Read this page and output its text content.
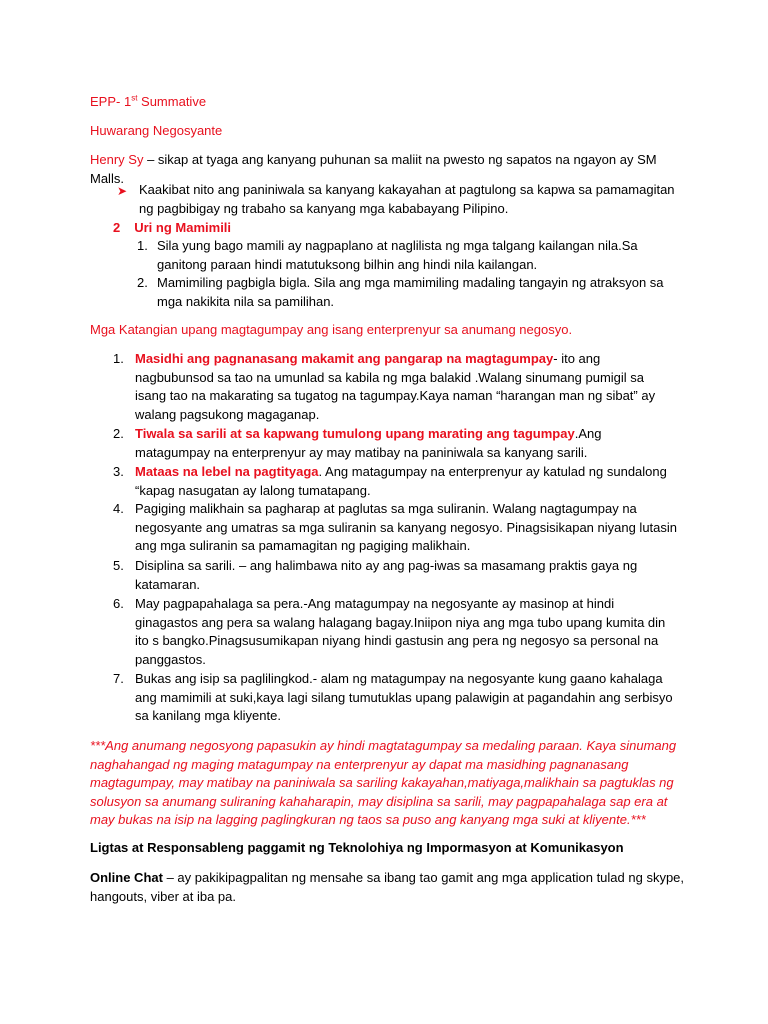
EPP- 1st Summative

Huwarang Negosyante

Henry Sy – sikap at tyaga ang kanyang puhunan sa maliit na pwesto ng sapatos na ngayon ay SM Malls.

➤ Kaakibat nito ang paniniwala sa kanyang kakayahan at pagtulong sa kapwa sa pamamagitan ng pagbibigay ng trabaho sa kanyang mga kababayang Pilipino.
2 Uri ng Mamimili
1. Sila yung bago mamili ay nagpaplano at naglilista ng mga talgang kailangan nila.Sa ganitong paraan hindi matutuksong bilhin ang hindi nila kailangan.
2. Mamimiling pagbigla bigla. Sila ang mga mamimiling madaling tangayin ng atraksyon sa mga nakikita nila sa pamilihan.

Mga Katangian upang magtagumpay ang isang enterprenyur sa anumang negosyo.

1. Masidhi ang pagnanasang makamit ang pangarap na magtagumpay- ito ang nagbubunsod sa tao na umunlad sa kabila ng mga balakid .Walang sinumang pumigil sa isang tao na makarating sa tugatog na tagumpay.Kaya naman “harangan man ng sibat” ay walang pagsukong magaganap.
2. Tiwala sa sarili at sa kapwang tumulong upang marating ang tagumpay.Ang matagumpay na enterprenyur ay may matibay na paniniwala sa kanyang sarili.
3. Mataas na lebel na pagtityaga. Ang matagumpay na enterprenyur ay katulad ng sundalong “kapag nasugatan ay lalong tumatapang.
4. Pagiging malikhain sa pagharap at paglutas sa mga suliranin. Walang nagtagumpay na negosyante ang umatras sa mga suliranin sa kanyang negosyo. Pinagsisikapan niyang lutasin ang mga suliranin sa pamamagitan ng pagiging malikhain.
5. Disiplina sa sarili. – ang halimbawa nito ay ang pag-iwas sa masamang praktis gaya ng katamaran.
6. May pagpapahalaga sa pera.-Ang matagumpay na negosyante ay masinop at hindi ginagastos ang pera sa walang halagang bagay.Iniipon niya ang mga tubo upang kumita din ito s bangko.Pinagsusumikapan niyang hindi gastusin ang pera ng negosyo sa personal na panggastos.
7. Bukas ang isip sa paglilingkod.- alam ng matagumpay na negosyante kung gaano kahalaga ang mamimili at suki,kaya lagi silang tumutuklas upang palawigin at pagandahin ang serbisyo sa kanilang mga kliyente.

***Ang anumang negosyong papasukin ay hindi magtatagumpay sa medaling paraan. Kaya sinumang naghahangad ng maging matagumpay na enterprenyur ay dapat ma masidhing pagnanasang magtagumpay, may matibay na paniniwala sa sariling kakayahan,matiyaga,malikhain sa pagtuklas ng solusyon sa anumang suliraning kahaharapin, may disiplina sa sarili, may pagpapahalaga sap era at may bukas na isip na lagging paglingkuran ng taos sa puso ang kanyang mga suki at kliyente.***

Ligtas at Responsableng paggamit ng Teknolohiya ng Impormasyon at Komunikasyon

Online Chat – ay pakikipagpalitan ng mensahe sa ibang tao gamit ang mga application tulad ng skype, hangouts, viber at iba pa.
